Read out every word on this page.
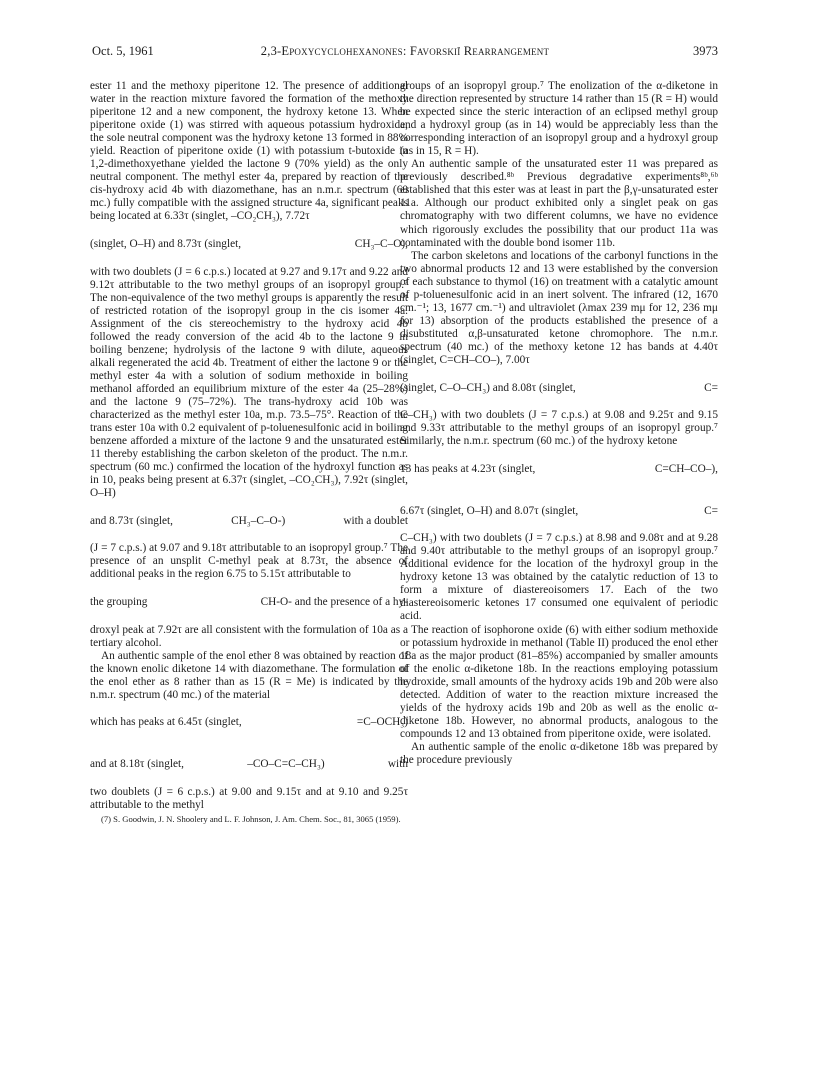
Oct. 5, 1961	2,3-Epoxycyclohexanones: Favorskiĭ Rearrangement	3973

ester 11 and the methoxy piperitone 12. The presence of additional water in the reaction mixture favored the formation of the methoxy piperitone 12 and a new component, the hydroxy ketone 13. When piperitone oxide (1) was stirred with aqueous potassium hydroxide, the sole neutral component was the hydroxy ketone 13 formed in 88% yield. Reaction of piperitone oxide (1) with potassium t-butoxide in 1,2-dimethoxyethane yielded the lactone 9 (70% yield) as the only neutral component. The methyl ester 4a, prepared by reaction of the cis-hydroxy acid 4b with diazomethane, has an n.m.r. spectrum (60 mc.) fully compatible with the assigned structure 4a, significant peaks being located at 6.33τ (singlet, –CO₂CH₃), 7.72τ

(singlet, O–H) and 8.73τ (singlet,	CH₃–C–O),

with two doublets (J = 6 c.p.s.) located at 9.27 and 9.17τ and 9.22 and 9.12τ attributable to the two methyl groups of an isopropyl group.⁷ The non-equivalence of the two methyl groups is apparently the result of restricted rotation of the isopropyl group in the cis isomer 4a. Assignment of the cis stereochemistry to the hydroxy acid 4b followed the ready conversion of the acid 4b to the lactone 9 in boiling benzene; hydrolysis of the lactone 9 with dilute, aqueous alkali regenerated the acid 4b. Treatment of either the lactone 9 or the methyl ester 4a with a solution of sodium methoxide in boiling methanol afforded an equilibrium mixture of the ester 4a (25–28%) and the lactone 9 (75–72%). The trans-hydroxy acid 10b was characterized as the methyl ester 10a, m.p. 73.5–75°. Reaction of the trans ester 10a with 0.2 equivalent of p-toluenesulfonic acid in boiling benzene afforded a mixture of the lactone 9 and the unsaturated ester 11 thereby establishing the carbon skeleton of the product. The n.m.r. spectrum (60 mc.) confirmed the location of the hydroxyl function as in 10, peaks being present at 6.37τ (singlet, –CO₂CH₃), 7.92τ (singlet, O–H)

and 8.73τ (singlet,	CH₃–C–O-)	with a doublet

(J = 7 c.p.s.) at 9.07 and 9.18τ attributable to an isopropyl group.⁷ The presence of an unsplit C-methyl peak at 8.73τ, the absence of additional peaks in the region 6.75 to 5.15τ attributable to

the grouping	CH-O- and the presence of a hy-

droxyl peak at 7.92τ are all consistent with the formulation of 10a as a tertiary alcohol.

An authentic sample of the enol ether 8 was obtained by reaction of the known enolic diketone 14 with diazomethane. The formulation of the enol ether as 8 rather than as 15 (R = Me) is indicated by the n.m.r. spectrum (40 mc.) of the material

which has peaks at 6.45τ (singlet,	=C–OCH₃)
and at 8.18τ (singlet,	–CO–C=C–CH₃)	with

two doublets (J = 6 c.p.s.) at 9.00 and 9.15τ and at 9.10 and 9.25τ attributable to the methyl

(7) S. Goodwin, J. N. Shoolery and L. F. Johnson, J. Am. Chem. Soc., 81, 3065 (1959).

groups of an isopropyl group.⁷ The enolization of the α-diketone in the direction represented by structure 14 rather than 15 (R = H) would be expected since the steric interaction of an eclipsed methyl group and a hydroxyl group (as in 14) would be appreciably less than the corresponding interaction of an isopropyl group and a hydroxyl group (as in 15, R = H).

An authentic sample of the unsaturated ester 11 was prepared as previously described.⁸ᵇ Previous degradative experiments⁸ᵇ,⁶ᵇ established that this ester was at least in part the β,γ-unsaturated ester 11a. Although our product exhibited only a singlet peak on gas chromatography with two different columns, we have no evidence which rigorously excludes the possibility that our product 11a was contaminated with the double bond isomer 11b.

The carbon skeletons and locations of the carbonyl functions in the two abnormal products 12 and 13 were established by the conversion of each substance to thymol (16) on treatment with a catalytic amount of p-toluenesulfonic acid in an inert solvent. The infrared (12, 1670 cm.⁻¹; 13, 1677 cm.⁻¹) and ultraviolet (λmax 239 mμ for 12, 236 mμ for 13) absorption of the products established the presence of a disubstituted α,β-unsaturated ketone chromophore. The n.m.r. spectrum (40 mc.) of the methoxy ketone 12 has bands at 4.40τ (singlet, C=CH–CO–), 7.00τ

(singlet, C–O–CH₃) and 8.08τ (singlet,	C=

C–CH₃) with two doublets (J = 7 c.p.s.) at 9.08 and 9.25τ and 9.15 and 9.33τ attributable to the methyl groups of an isopropyl group.⁷ Similarly, the n.m.r. spectrum (60 mc.) of the hydroxy ketone

13 has peaks at 4.23τ (singlet,	C=CH–CO–),
6.67τ (singlet, O–H) and 8.07τ (singlet,	C=

C–CH₃) with two doublets (J = 7 c.p.s.) at 8.98 and 9.08τ and at 9.28 and 9.40τ attributable to the methyl groups of an isopropyl group.⁷ Additional evidence for the location of the hydroxyl group in the hydroxy ketone 13 was obtained by the catalytic reduction of 13 to form a mixture of diastereoisomers 17. Each of the two diastereoisomeric ketones 17 consumed one equivalent of periodic acid.

The reaction of isophorone oxide (6) with either sodium methoxide or potassium hydroxide in methanol (Table II) produced the enol ether 18a as the major product (81–85%) accompanied by smaller amounts of the enolic α-diketone 18b. In the reactions employing potassium hydroxide, small amounts of the hydroxy acids 19b and 20b were also detected. Addition of water to the reaction mixture increased the yields of the hydroxy acids 19b and 20b as well as the enolic α-diketone 18b. However, no abnormal products, analogous to the compounds 12 and 13 obtained from piperitone oxide, were isolated.

An authentic sample of the enolic α-diketone 18b was prepared by the procedure previously
